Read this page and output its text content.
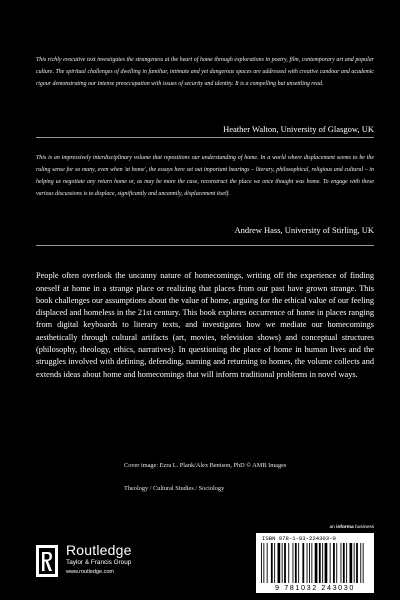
This richly evocative text investigates the strangeness at the heart of home through explorations in poetry, film, contemporary art and popular culture. The spiritual challenges of dwelling in familiar, intimate and yet dangerous spaces are addressed with creative candour and academic rigour demonstrating our intense preoccupation with issues of security and identity. It is a compelling but unsettling read.

Heather Walton, University of Glasgow, UK

This is an impressively interdisciplinary volume that repositions our understanding of home. In a world where displacement seems to be the ruling sense for so many, even when 'at home', the essays here set out important bearings – literary, philosophical, religious and cultural – in helping us negotiate any return home or, as may be more the case, reconstruct the place we once thought was home. To engage with these various discussions is to displace, significantly and uncannily, displacement itself.

Andrew Hass, University of Stirling, UK

People often overlook the uncanny nature of homecomings, writing off the experience of finding oneself at home in a strange place or realizing that places from our past have grown strange. This book challenges our assumptions about the value of home, arguing for the ethical value of our feeling displaced and homeless in the 21st century. This book explores occurrence of home in places ranging from digital keyboards to literary texts, and investigates how we mediate our homecomings aesthetically through cultural artifacts (art, movies, television shows) and conceptual structures (philosophy, theology, ethics, narratives). In questioning the place of home in human lives and the struggles involved with defining, defending, naming and returning to homes, the volume collects and extends ideas about home and homecomings that will inform traditional problems in novel ways.

Cover image: Ezra L. Plank/Alex Benison, PhD © AMB Images
Theology / Cultural Studies / Sociology
an informa business
ISBN 978-1-03-224303-0
9 781032 243030
Routledge
Taylor & Francis Group
www.routledge.com
